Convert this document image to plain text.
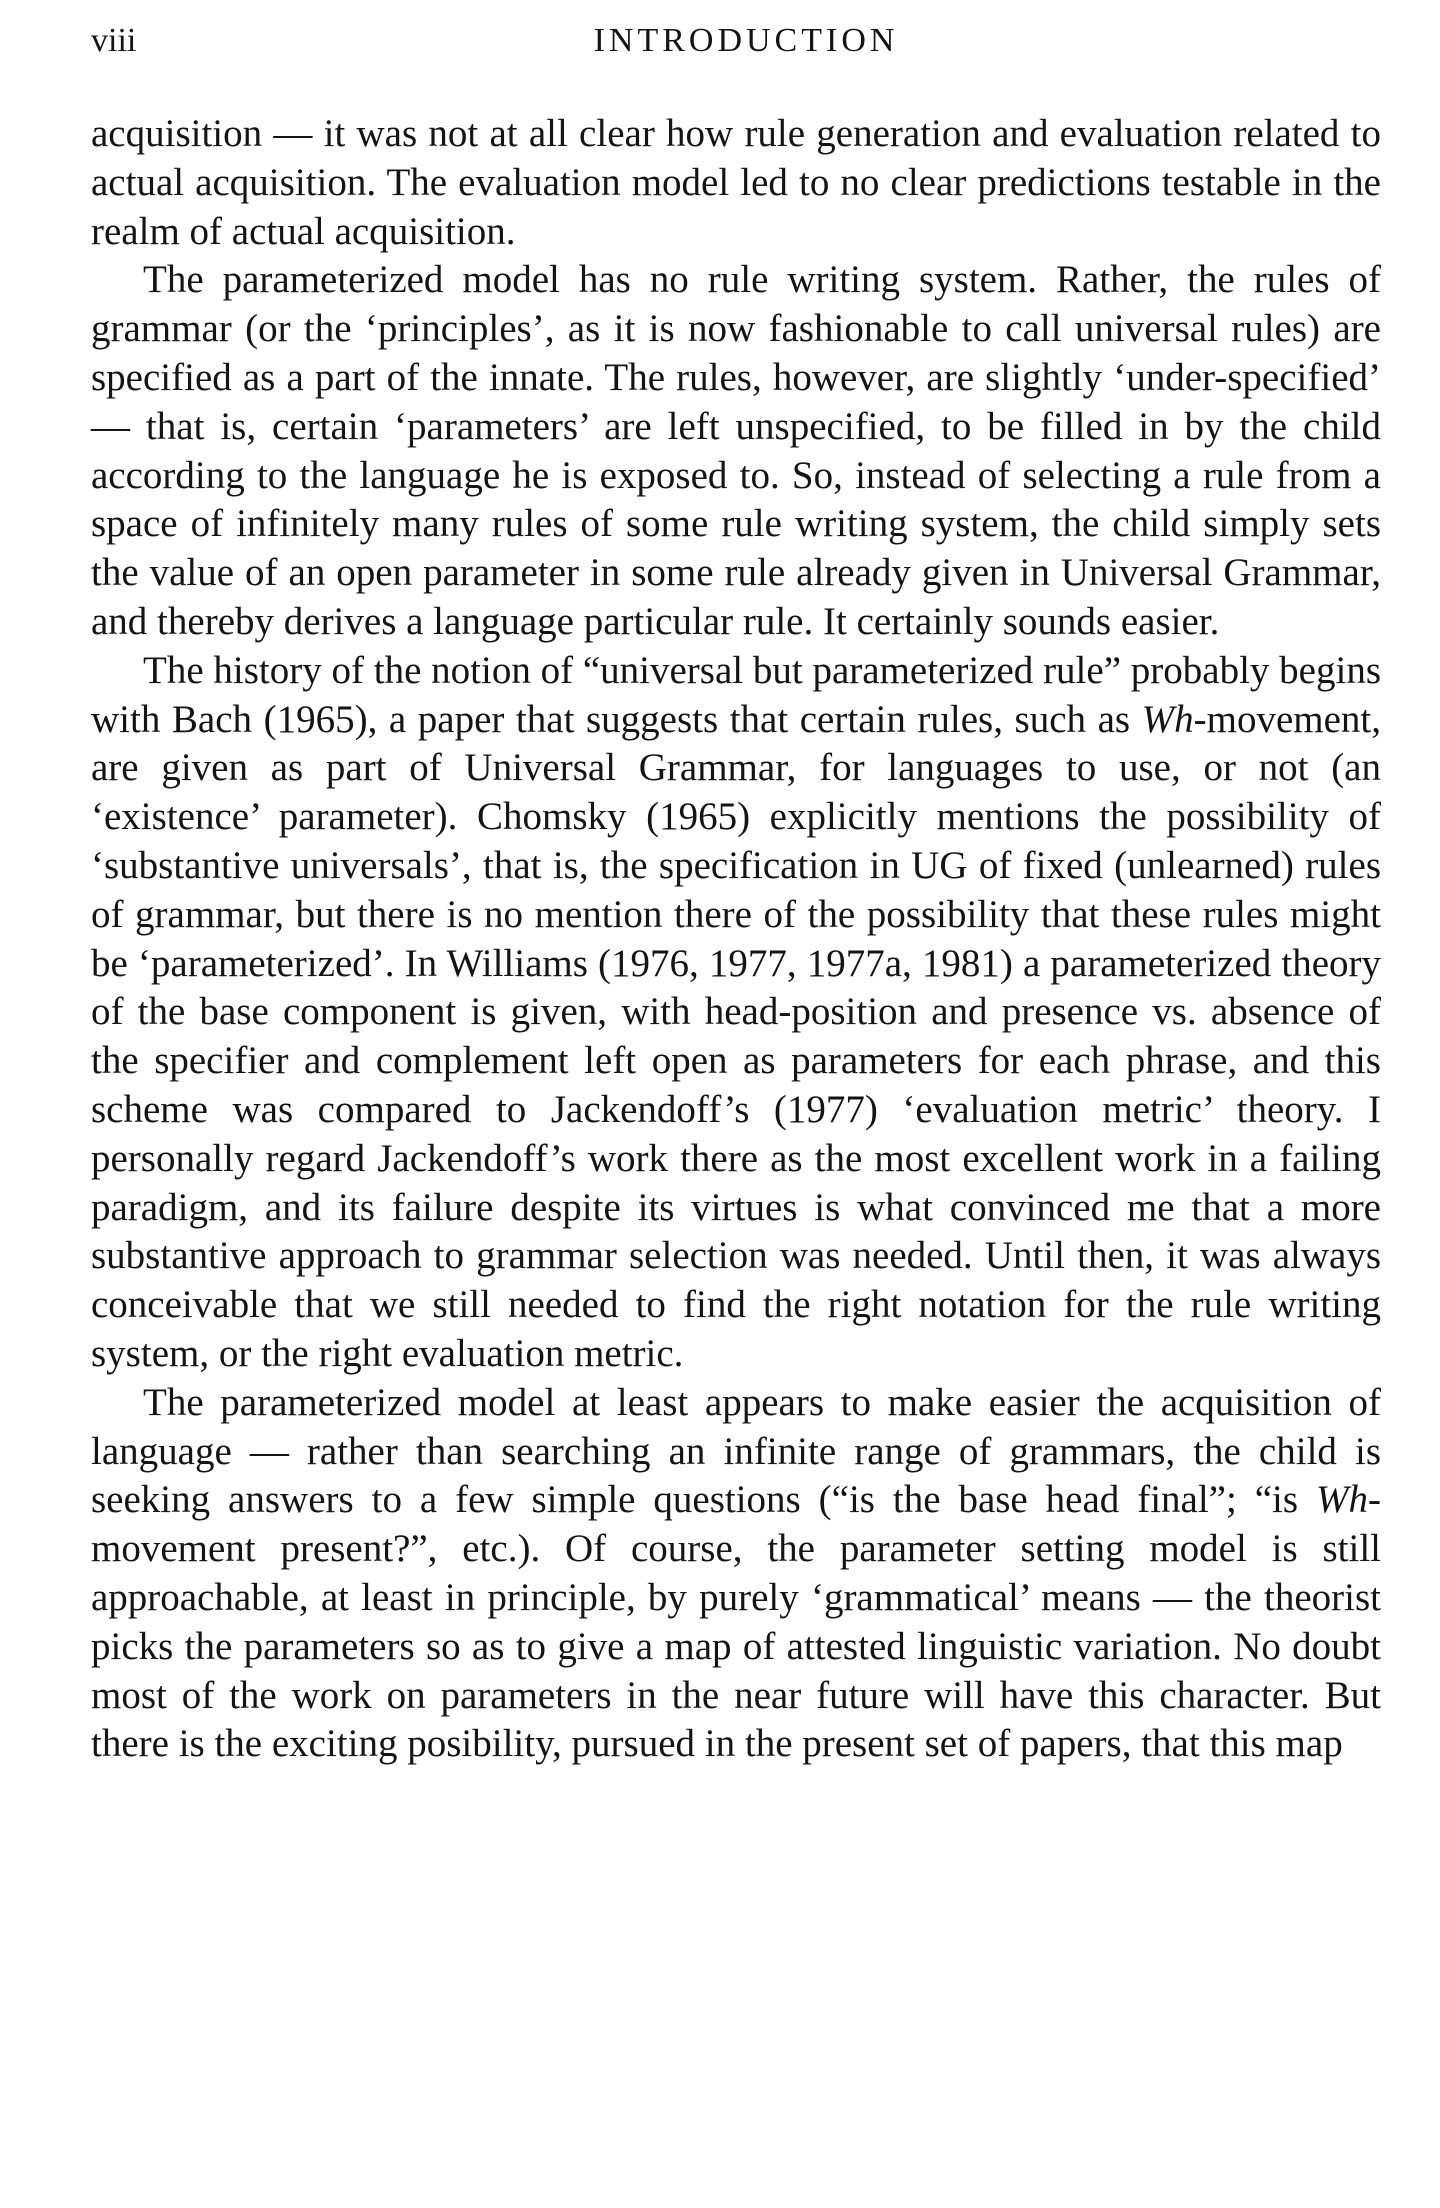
viii	INTRODUCTION

acquisition — it was not at all clear how rule generation and evaluation related to actual acquisition. The evaluation model led to no clear predictions testable in the realm of actual acquisition.

The parameterized model has no rule writing system. Rather, the rules of grammar (or the ‘principles’, as it is now fashionable to call universal rules) are specified as a part of the innate. The rules, however, are slightly ‘under-specified’ — that is, certain ‘parameters’ are left unspecified, to be filled in by the child according to the language he is exposed to. So, instead of selecting a rule from a space of infinitely many rules of some rule writing system, the child simply sets the value of an open parameter in some rule already given in Universal Grammar, and thereby derives a language particular rule. It certainly sounds easier.

The history of the notion of “universal but parameterized rule” probably begins with Bach (1965), a paper that suggests that certain rules, such as Wh-movement, are given as part of Universal Grammar, for languages to use, or not (an ‘existence’ parameter). Chomsky (1965) explicitly mentions the possibility of ‘substantive universals’, that is, the specification in UG of fixed (unlearned) rules of grammar, but there is no mention there of the possibility that these rules might be ‘parameterized’. In Williams (1976, 1977, 1977a, 1981) a parameterized theory of the base component is given, with head-position and presence vs. absence of the specifier and complement left open as parameters for each phrase, and this scheme was compared to Jackendoff’s (1977) ‘evaluation metric’ theory. I personally regard Jackendoff’s work there as the most excellent work in a failing paradigm, and its failure despite its virtues is what convinced me that a more substantive approach to grammar selection was needed. Until then, it was always conceivable that we still needed to find the right notation for the rule writing system, or the right evaluation metric.

The parameterized model at least appears to make easier the acquisition of language — rather than searching an infinite range of grammars, the child is seeking answers to a few simple questions (“is the base head final”; “is Wh-movement present?”, etc.). Of course, the parameter setting model is still approachable, at least in principle, by purely ‘grammatical’ means — the theorist picks the parameters so as to give a map of attested linguistic variation. No doubt most of the work on parameters in the near future will have this character. But there is the exciting posibility, pursued in the present set of papers, that this map
